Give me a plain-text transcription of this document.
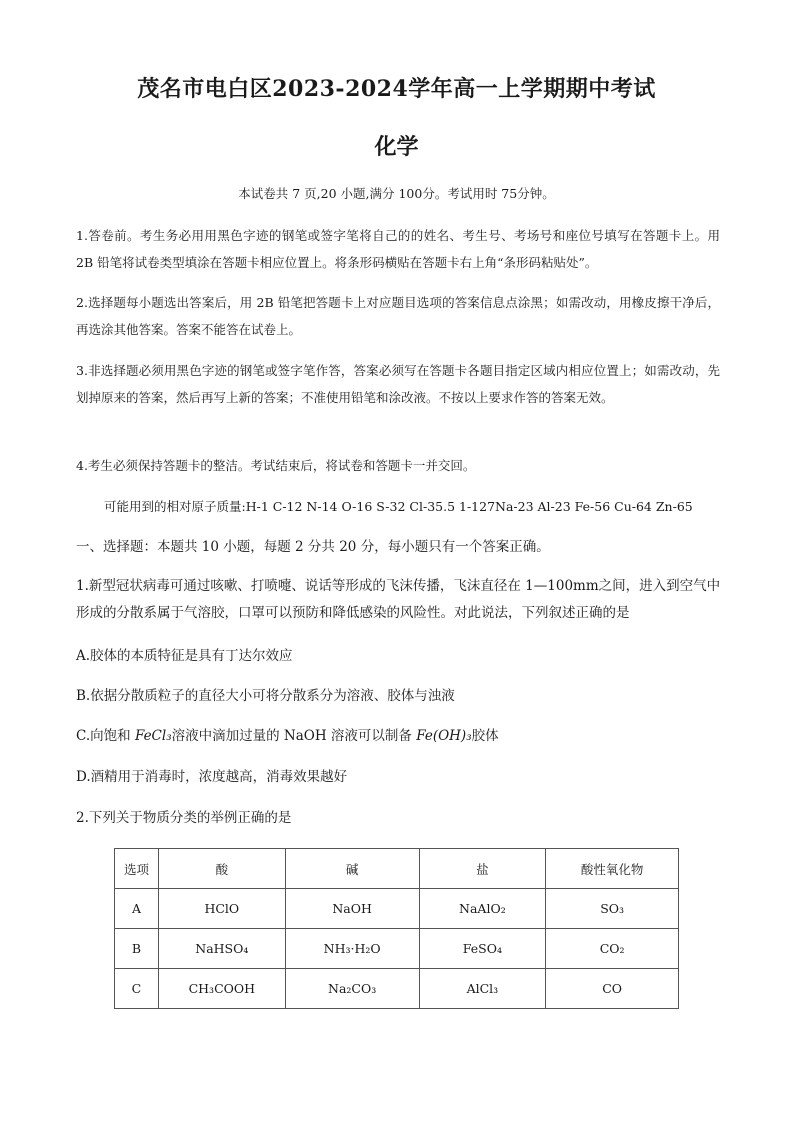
茂名市电白区2023-2024学年高一上学期期中考试
化学
本试卷共 7 页,20 小题,满分 100分。考试用时 75分钟。
1.答卷前。考生务必用用黑色字迹的钢笔或签字笔将自己的的姓名、考生号、考场号和座位号填写在答题卡上。用 2B 铅笔将试卷类型填涂在答题卡相应位置上。将条形码横贴在答题卡右上角“条形码粘贴处”。
2.选择题每小题选出答案后，用 2B 铅笔把答题卡上对应题目选项的答案信息点涂黑；如需改动，用橡皮擦干净后，再选涂其他答案。答案不能答在试卷上。
3.非选择题必须用黑色字迹的钢笔或签字笔作答，答案必须写在答题卡各题目指定区域内相应位置上；如需改动，先划掉原来的答案，然后再写上新的答案；不准使用铅笔和涂改液。不按以上要求作答的答案无效。
4.考生必须保持答题卡的整洁。考试结束后，将试卷和答题卡一并交回。
可能用到的相对原子质量:H-1 C-12 N-14 O-16 S-32 Cl-35.5 1-127Na-23 Al-23 Fe-56 Cu-64 Zn-65
一、选择题：本题共 10 小题，每题 2 分共 20 分，每小题只有一个答案正确。
1.新型冠状病毒可通过咳嗽、打喷嚏、说话等形成的飞沫传播，飞沫直径在 1—100mm之间，进入到空气中形成的分散系属于气溶胶，口罩可以预防和降低感染的风险性。对此说法，下列叙述正确的是
A.胶体的本质特征是具有丁达尔效应
B.依据分散质粒子的直径大小可将分散系分为溶液、胶体与浊液
C.向饱和 FeCl₃溶液中滴加过量的 NaOH 溶液可以制备 Fe(OH)₃胶体
D.酒精用于消毒时，浓度越高，消毒效果越好
2.下列关于物质分类的举例正确的是
选项	酸	碱	盐	酸性氧化物
A	HClO	NaOH	NaAlO₂	SO₃
B	NaHSO₄	NH₃·H₂O	FeSO₄	CO₂
C	CH₃COOH	Na₂CO₃	AlCl₃	CO
